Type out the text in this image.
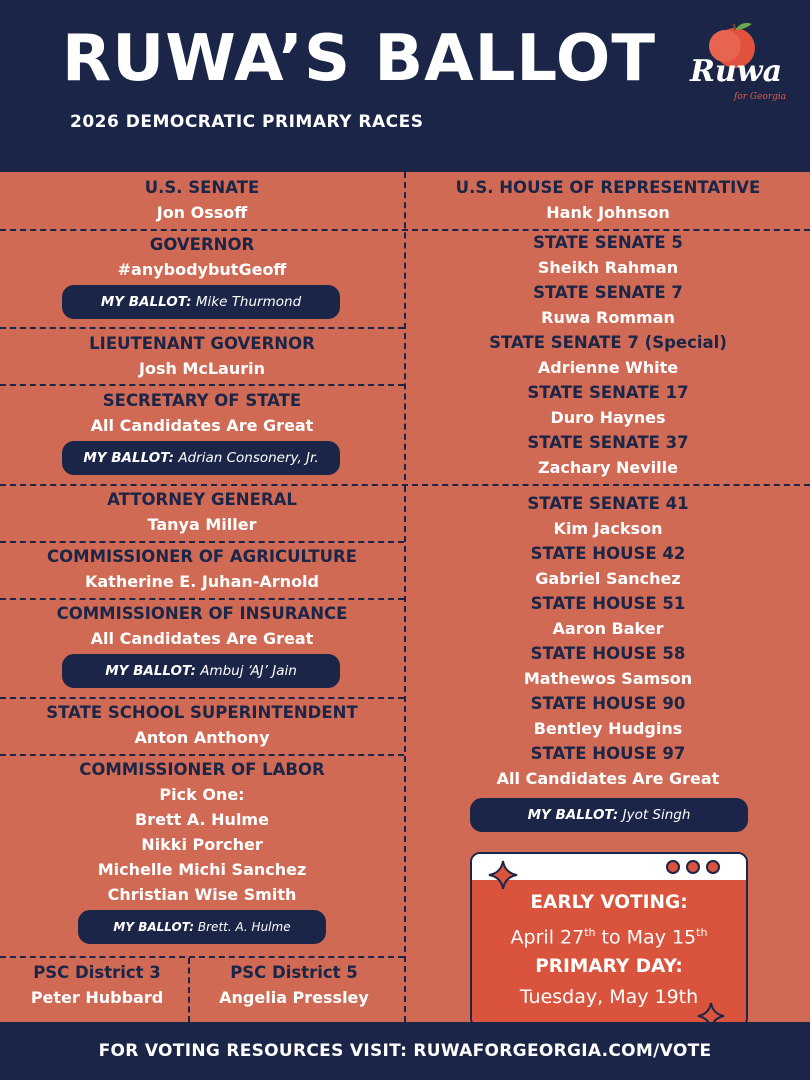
RUWA’S BALLOT
2026 DEMOCRATIC PRIMARY RACES
Ruwa
for Georgia
U.S. SENATE
Jon Ossoff
GOVERNOR
#anybodybutGeoff
MY BALLOT: Mike Thurmond
LIEUTENANT GOVERNOR
Josh McLaurin
SECRETARY OF STATE
All Candidates Are Great
MY BALLOT: Adrian Consonery, Jr.
ATTORNEY GENERAL
Tanya Miller
COMMISSIONER OF AGRICULTURE
Katherine E. Juhan-Arnold
COMMISSIONER OF INSURANCE
All Candidates Are Great
MY BALLOT: Ambuj ‘AJ’ Jain
STATE SCHOOL SUPERINTENDENT
Anton Anthony
COMMISSIONER OF LABOR
Pick One:
Brett A. Hulme
Nikki Porcher
Michelle Michi Sanchez
Christian Wise Smith
MY BALLOT: Brett. A. Hulme
PSC District 3
Peter Hubbard
PSC District 5
Angelia Pressley
U.S. HOUSE OF REPRESENTATIVE
Hank Johnson
STATE SENATE 5
Sheikh Rahman
STATE SENATE 7
Ruwa Romman
STATE SENATE 7 (Special)
Adrienne White
STATE SENATE 17
Duro Haynes
STATE SENATE 37
Zachary Neville
STATE SENATE 41
Kim Jackson
STATE HOUSE 42
Gabriel Sanchez
STATE HOUSE 51
Aaron Baker
STATE HOUSE 58
Mathewos Samson
STATE HOUSE 90
Bentley Hudgins
STATE HOUSE 97
All Candidates Are Great
MY BALLOT: Jyot Singh
EARLY VOTING:
April 27th to May 15th
PRIMARY DAY:
Tuesday, May 19th
FOR VOTING RESOURCES VISIT: RUWAFORGEORGIA.COM/VOTE
